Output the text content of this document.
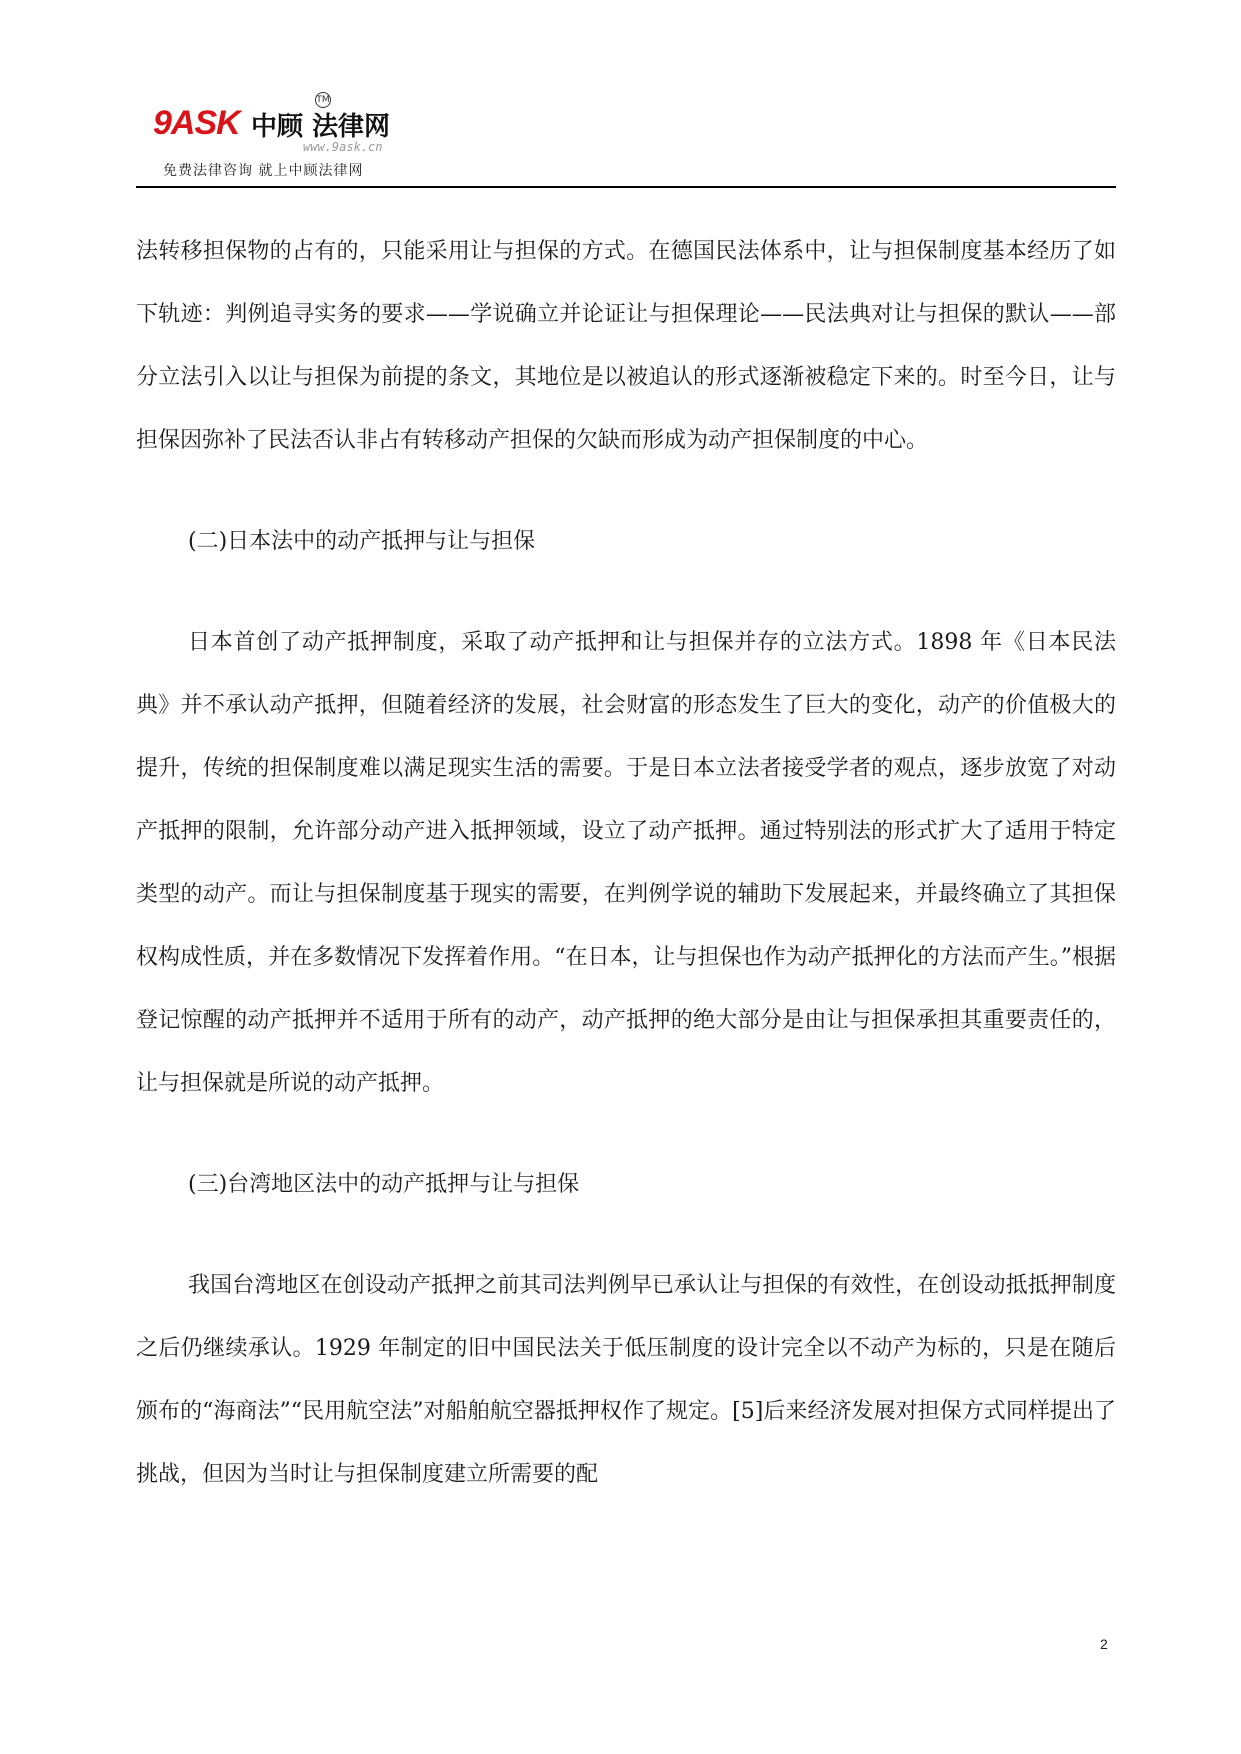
9ASK 中顾 法律网
TM
www.9ask.cn
免费法律咨询 就上中顾法律网

法转移担保物的占有的，只能采用让与担保的方式。在德国民法体系中，让与担保制度基本经历了如下轨迹：判例追寻实务的要求——学说确立并论证让与担保理论——民法典对让与担保的默认——部分立法引入以让与担保为前提的条文，其地位是以被追认的形式逐渐被稳定下来的。时至今日，让与担保因弥补了民法否认非占有转移动产担保的欠缺而形成为动产担保制度的中心。

(二)日本法中的动产抵押与让与担保

日本首创了动产抵押制度，采取了动产抵押和让与担保并存的立法方式。1898 年《日本民法典》并不承认动产抵押，但随着经济的发展，社会财富的形态发生了巨大的变化，动产的价值极大的提升，传统的担保制度难以满足现实生活的需要。于是日本立法者接受学者的观点，逐步放宽了对动产抵押的限制，允许部分动产进入抵押领域，设立了动产抵押。通过特别法的形式扩大了适用于特定类型的动产。而让与担保制度基于现实的需要，在判例学说的辅助下发展起来，并最终确立了其担保权构成性质，并在多数情况下发挥着作用。“在日本，让与担保也作为动产抵押化的方法而产生。”根据登记惊醒的动产抵押并不适用于所有的动产，动产抵押的绝大部分是由让与担保承担其重要责任的，让与担保就是所说的动产抵押。

(三)台湾地区法中的动产抵押与让与担保

我国台湾地区在创设动产抵押之前其司法判例早已承认让与担保的有效性，在创设动抵抵押制度之后仍继续承认。1929 年制定的旧中国民法关于低压制度的设计完全以不动产为标的，只是在随后颁布的“海商法”“民用航空法”对船舶航空器抵押权作了规定。[5]后来经济发展对担保方式同样提出了挑战，但因为当时让与担保制度建立所需要的配

2
